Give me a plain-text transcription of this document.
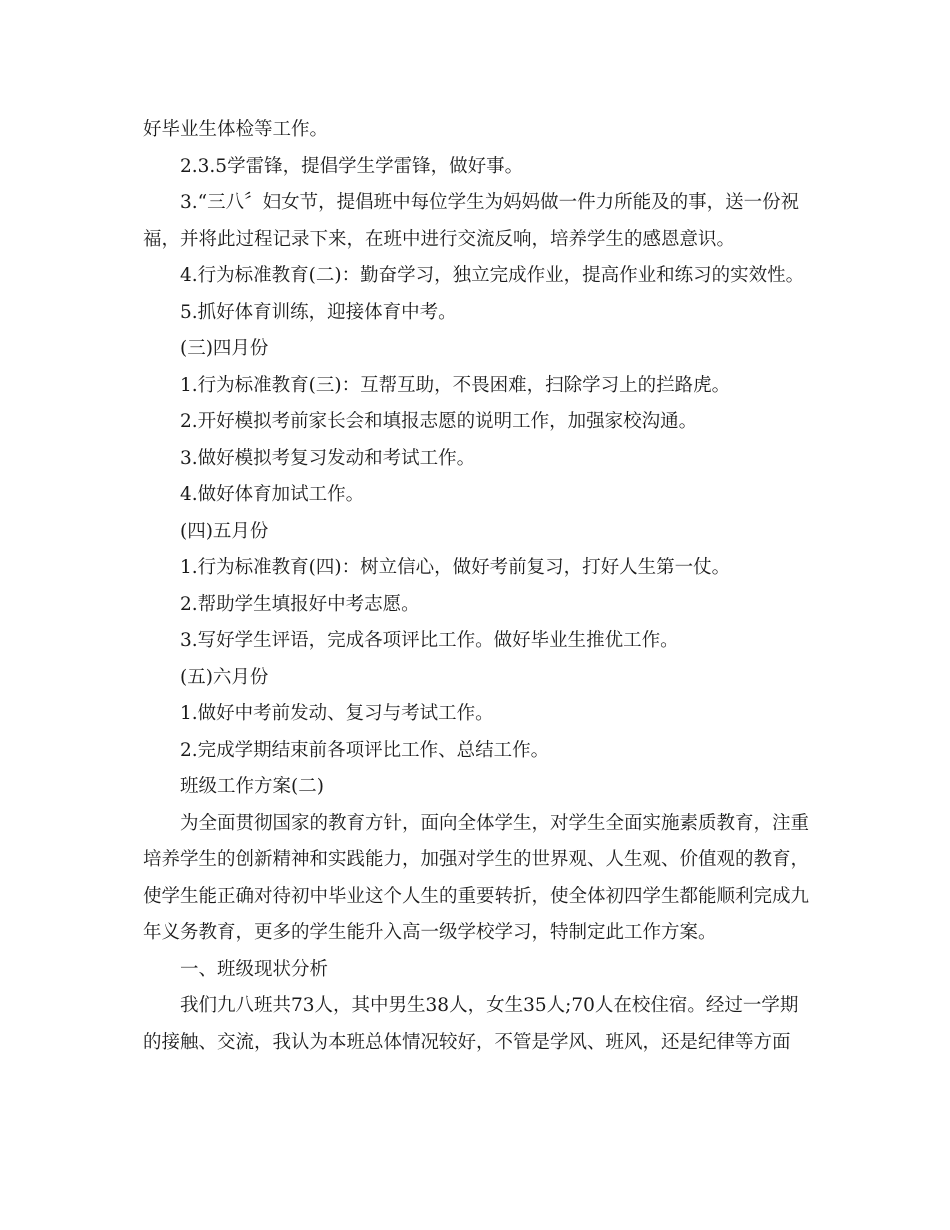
好毕业生体检等工作。

2.3.5学雷锋，提倡学生学雷锋，做好事。

3.“三八〞妇女节，提倡班中每位学生为妈妈做一件力所能及的事，送一份祝福，并将此过程记录下来，在班中进行交流反响，培养学生的感恩意识。

4.行为标准教育(二)：勤奋学习，独立完成作业，提高作业和练习的实效性。

5.抓好体育训练，迎接体育中考。

(三)四月份

1.行为标准教育(三)：互帮互助，不畏困难，扫除学习上的拦路虎。

2.开好模拟考前家长会和填报志愿的说明工作，加强家校沟通。

3.做好模拟考复习发动和考试工作。

4.做好体育加试工作。

(四)五月份

1.行为标准教育(四)：树立信心，做好考前复习，打好人生第一仗。

2.帮助学生填报好中考志愿。

3.写好学生评语，完成各项评比工作。做好毕业生推优工作。

(五)六月份

1.做好中考前发动、复习与考试工作。

2.完成学期结束前各项评比工作、总结工作。

班级工作方案(二)

为全面贯彻国家的教育方针，面向全体学生，对学生全面实施素质教育，注重培养学生的创新精神和实践能力，加强对学生的世界观、人生观、价值观的教育，使学生能正确对待初中毕业这个人生的重要转折，使全体初四学生都能顺利完成九年义务教育，更多的学生能升入高一级学校学习，特制定此工作方案。

一、班级现状分析

我们九八班共73人，其中男生38人，女生35人;70人在校住宿。经过一学期的接触、交流，我认为本班总体情况较好，不管是学风、班风，还是纪律等方面
